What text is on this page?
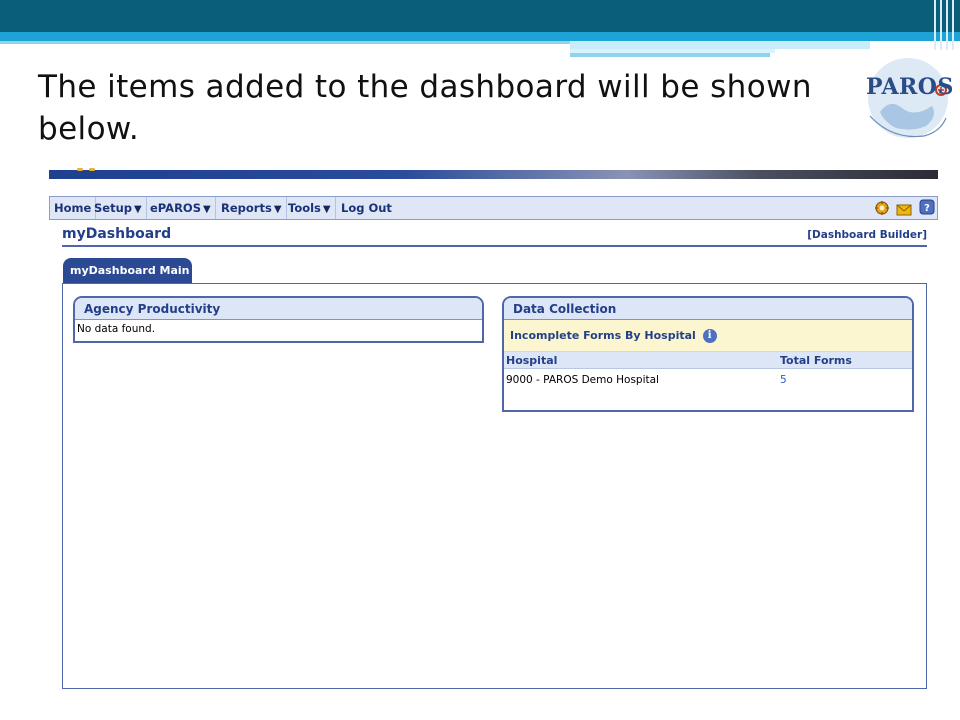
The items added to the dashboard will be shown below.
PAROS
Home Setup ▼ ePAROS ▼ Reports ▼ Tools ▼ Log Out	?
myDashboard	[Dashboard Builder]
myDashboard Main
Agency Productivity
No data found.
Data Collection
Incomplete Forms By Hospital i
Hospital	Total Forms
9000 - PAROS Demo Hospital	5
